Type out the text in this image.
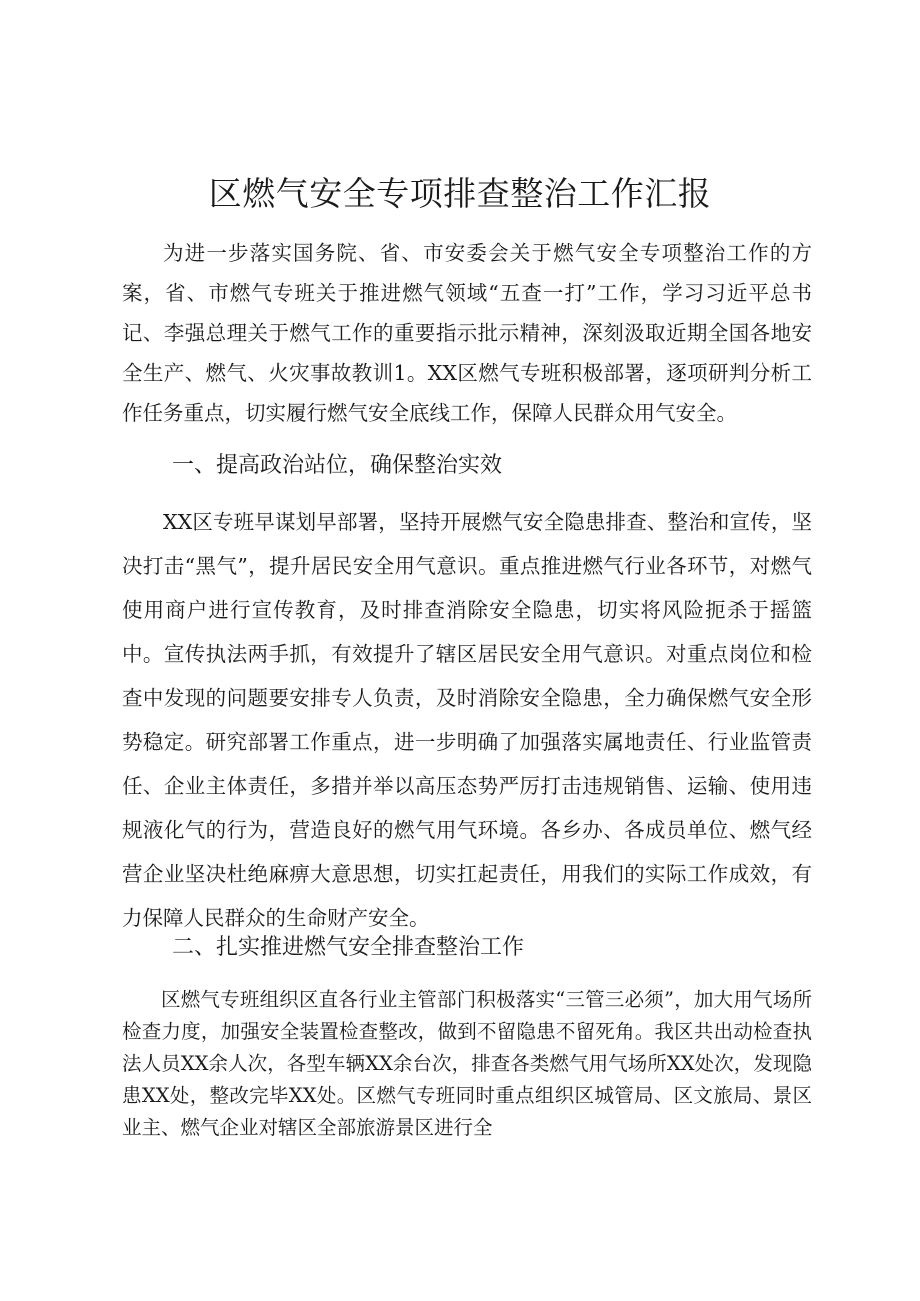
区燃气安全专项排查整治工作汇报

为进一步落实国务院、省、市安委会关于燃气安全专项整治工作的方案，省、市燃气专班关于推进燃气领域“五查一打”工作，学习习近平总书记、李强总理关于燃气工作的重要指示批示精神，深刻汲取近期全国各地安全生产、燃气、火灾事故教训1。XX区燃气专班积极部署，逐项研判分析工作任务重点，切实履行燃气安全底线工作，保障人民群众用气安全。

一、提高政治站位，确保整治实效

XX区专班早谋划早部署，坚持开展燃气安全隐患排查、整治和宣传，坚决打击“黑气”，提升居民安全用气意识。重点推进燃气行业各环节，对燃气使用商户进行宣传教育，及时排查消除安全隐患，切实将风险扼杀于摇篮中。宣传执法两手抓，有效提升了辖区居民安全用气意识。对重点岗位和检查中发现的问题要安排专人负责，及时消除安全隐患，全力确保燃气安全形势稳定。研究部署工作重点，进一步明确了加强落实属地责任、行业监管责任、企业主体责任，多措并举以高压态势严厉打击违规销售、运输、使用违规液化气的行为，营造良好的燃气用气环境。各乡办、各成员单位、燃气经营企业坚决杜绝麻痹大意思想，切实扛起责任，用我们的实际工作成效，有力保障人民群众的生命财产安全。

二、扎实推进燃气安全排查整治工作

区燃气专班组织区直各行业主管部门积极落实“三管三必须”，加大用气场所检查力度，加强安全装置检查整改，做到不留隐患不留死角。我区共出动检查执法人员XX余人次，各型车辆XX余台次，排查各类燃气用气场所XX处次，发现隐患XX处，整改完毕XX处。区燃气专班同时重点组织区城管局、区文旅局、景区业主、燃气企业对辖区全部旅游景区进行全
